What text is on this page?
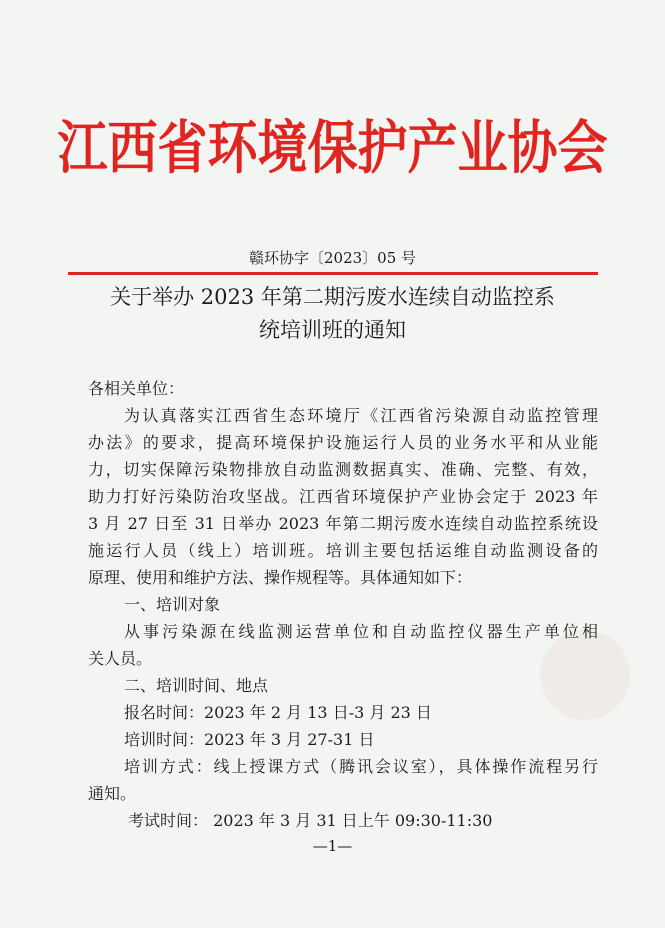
江西省环境保护产业协会
赣环协字〔2023〕05 号
关于举办 2023 年第二期污废水连续自动监控系
统培训班的通知
各相关单位：
为认真落实江西省生态环境厅《江西省污染源自动监控管理
办法》的要求，提高环境保护设施运行人员的业务水平和从业能
力，切实保障污染物排放自动监测数据真实、准确、完整、有效，
助力打好污染防治攻坚战。江西省环境保护产业协会定于 2023 年
3 月 27 日至 31 日举办 2023 年第二期污废水连续自动监控系统设
施运行人员（线上）培训班。培训主要包括运维自动监测设备的
原理、使用和维护方法、操作规程等。具体通知如下：
一、培训对象
从事污染源在线监测运营单位和自动监控仪器生产单位相
关人员。
二、培训时间、地点
报名时间：2023 年 2 月 13 日-3 月 23 日
培训时间：2023 年 3 月 27-31 日
培训方式：线上授课方式（腾讯会议室），具体操作流程另行
通知。
考试时间： 2023 年 3 月 31 日上午 09:30-11:30
—1—
